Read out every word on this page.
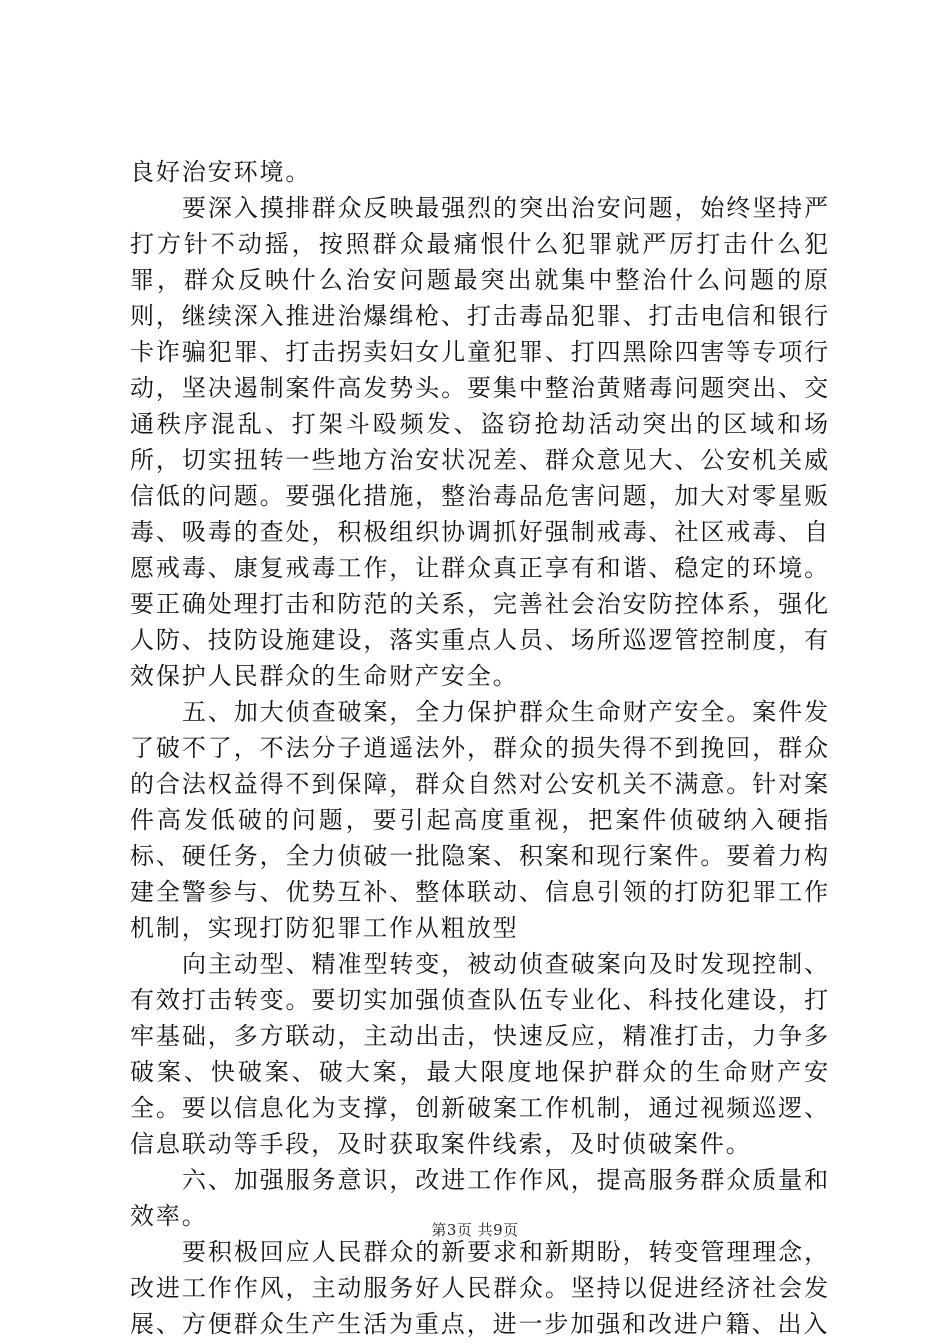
良好治安环境。

要深入摸排群众反映最强烈的突出治安问题，始终坚持严打方针不动摇，按照群众最痛恨什么犯罪就严厉打击什么犯罪，群众反映什么治安问题最突出就集中整治什么问题的原则，继续深入推进治爆缉枪、打击毒品犯罪、打击电信和银行卡诈骗犯罪、打击拐卖妇女儿童犯罪、打四黑除四害等专项行动，坚决遏制案件高发势头。要集中整治黄赌毒问题突出、交通秩序混乱、打架斗殴频发、盗窃抢劫活动突出的区域和场所，切实扭转一些地方治安状况差、群众意见大、公安机关威信低的问题。要强化措施，整治毒品危害问题，加大对零星贩毒、吸毒的查处，积极组织协调抓好强制戒毒、社区戒毒、自愿戒毒、康复戒毒工作，让群众真正享有和谐、稳定的环境。要正确处理打击和防范的关系，完善社会治安防控体系，强化人防、技防设施建设，落实重点人员、场所巡逻管控制度，有效保护人民群众的生命财产安全。

五、加大侦查破案，全力保护群众生命财产安全。案件发了破不了，不法分子逍遥法外，群众的损失得不到挽回，群众的合法权益得不到保障，群众自然对公安机关不满意。针对案件高发低破的问题，要引起高度重视，把案件侦破纳入硬指标、硬任务，全力侦破一批隐案、积案和现行案件。要着力构建全警参与、优势互补、整体联动、信息引领的打防犯罪工作机制，实现打防犯罪工作从粗放型

向主动型、精准型转变，被动侦查破案向及时发现控制、有效打击转变。要切实加强侦查队伍专业化、科技化建设，打牢基础，多方联动，主动出击，快速反应，精准打击，力争多破案、快破案、破大案，最大限度地保护群众的生命财产安全。要以信息化为支撑，创新破案工作机制，通过视频巡逻、信息联动等手段，及时获取案件线索，及时侦破案件。

六、加强服务意识，改进工作作风，提高服务群众质量和效率。

要积极回应人民群众的新要求和新期盼，转变管理理念，改进工作作风，主动服务好人民群众。坚持以促进经济社会发展、方便群众生产生活为重点，进一步加强和改进户籍、出入

第3页 共9页
